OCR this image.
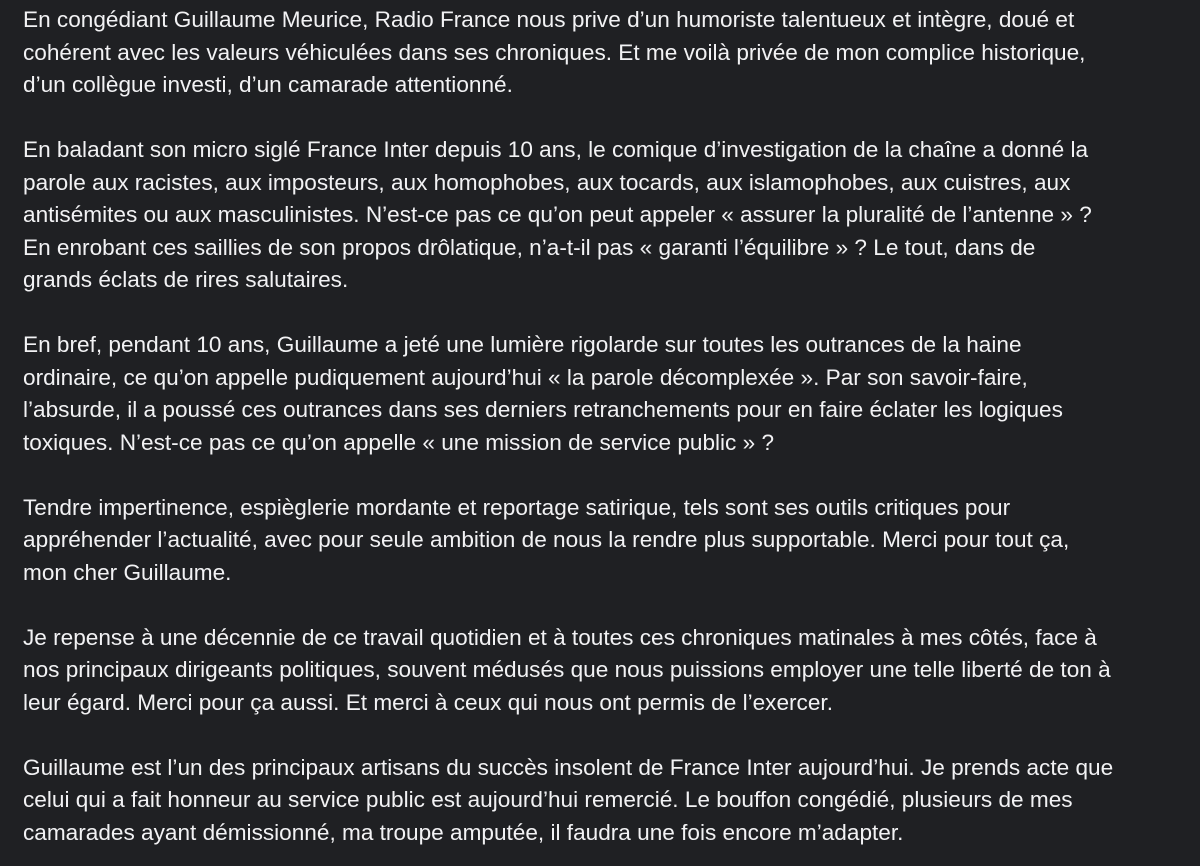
En congédiant Guillaume Meurice, Radio France nous prive d’un humoriste talentueux et intègre, doué et
cohérent avec les valeurs véhiculées dans ses chroniques. Et me voilà privée de mon complice historique,
d’un collègue investi, d’un camarade attentionné.

En baladant son micro siglé France Inter depuis 10 ans, le comique d’investigation de la chaîne a donné la
parole aux racistes, aux imposteurs, aux homophobes, aux tocards, aux islamophobes, aux cuistres, aux
antisémites ou aux masculinistes. N’est-ce pas ce qu’on peut appeler « assurer la pluralité de l’antenne » ?
En enrobant ces saillies de son propos drôlatique, n’a-t-il pas « garanti l’équilibre » ? Le tout, dans de
grands éclats de rires salutaires.

En bref, pendant 10 ans, Guillaume a jeté une lumière rigolarde sur toutes les outrances de la haine
ordinaire, ce qu’on appelle pudiquement aujourd’hui « la parole décomplexée ». Par son savoir-faire,
l’absurde, il a poussé ces outrances dans ses derniers retranchements pour en faire éclater les logiques
toxiques. N’est-ce pas ce qu’on appelle « une mission de service public » ?

Tendre impertinence, espièglerie mordante et reportage satirique, tels sont ses outils critiques pour
appréhender l’actualité, avec pour seule ambition de nous la rendre plus supportable. Merci pour tout ça,
mon cher Guillaume.

Je repense à une décennie de ce travail quotidien et à toutes ces chroniques matinales à mes côtés, face à
nos principaux dirigeants politiques, souvent médusés que nous puissions employer une telle liberté de ton à
leur égard. Merci pour ça aussi. Et merci à ceux qui nous ont permis de l’exercer.

Guillaume est l’un des principaux artisans du succès insolent de France Inter aujourd’hui. Je prends acte que
celui qui a fait honneur au service public est aujourd’hui remercié. Le bouffon congédié, plusieurs de mes
camarades ayant démissionné, ma troupe amputée, il faudra une fois encore m’adapter.
